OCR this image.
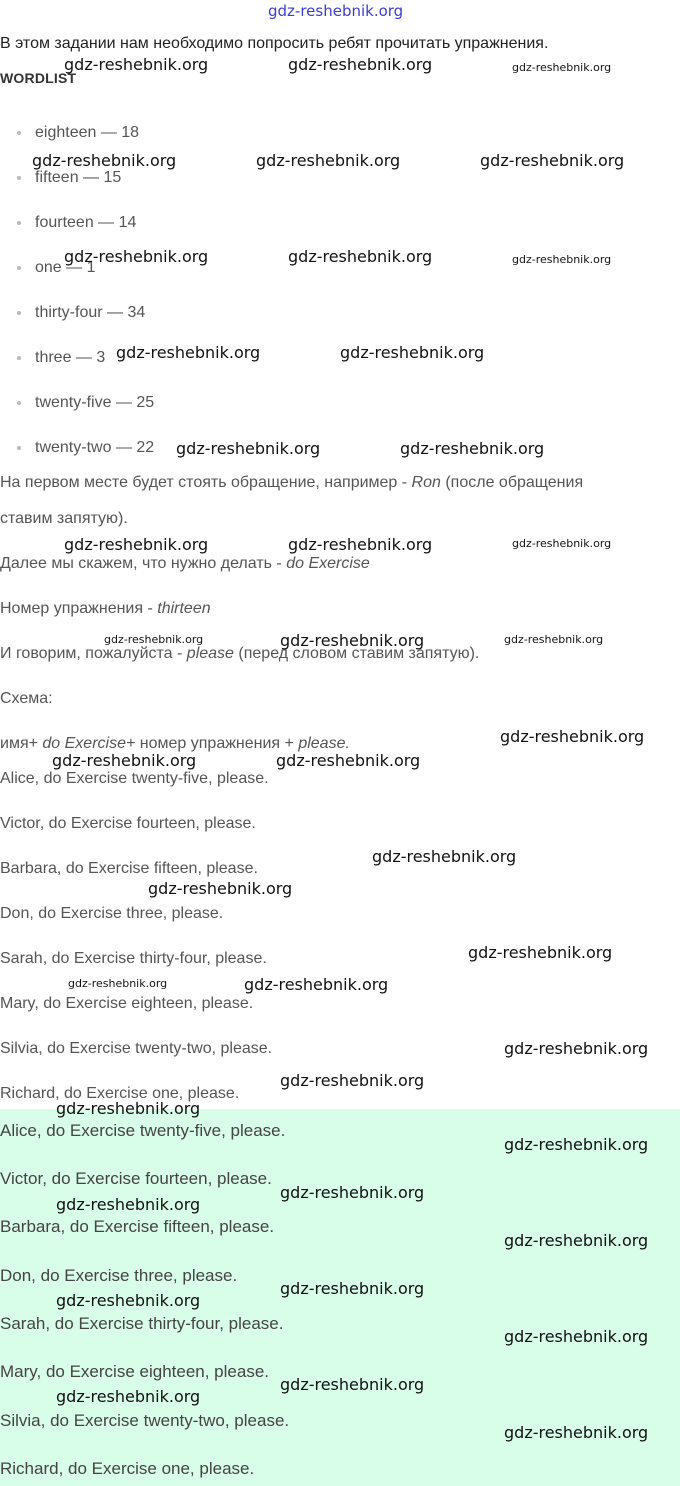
gdz-reshebnik.org
В этом задании нам необходимо попросить ребят прочитать упражнения.
WORDLIST
eighteen — 18
fifteen — 15
fourteen — 14
one — 1
thirty-four — 34
three — 3
twenty-five — 25
twenty-two — 22
На первом месте будет стоять обращение, например - Ron (после обращения
ставим запятую).
Далее мы скажем, что нужно делать - do Exercise
Номер упражнения - thirteen
И говорим, пожалуйста - please (перед словом ставим запятую).
Схема:
имя+ do Exercise+ номер упражнения + please.
Alice, do Exercise twenty-five, please.
Victor, do Exercise fourteen, please.
Barbara, do Exercise fifteen, please.
Don, do Exercise three, please.
Sarah, do Exercise thirty-four, please.
Mary, do Exercise eighteen, please.
Silvia, do Exercise twenty-two, please.
Richard, do Exercise one, please.
Alice, do Exercise twenty-five, please.
Victor, do Exercise fourteen, please.
Barbara, do Exercise fifteen, please.
Don, do Exercise three, please.
Sarah, do Exercise thirty-four, please.
Mary, do Exercise eighteen, please.
Silvia, do Exercise twenty-two, please.
Richard, do Exercise one, please.
gdz-reshebnik.org	gdz-reshebnik.org	gdz-reshebnik.org
gdz-reshebnik.org	gdz-reshebnik.org	gdz-reshebnik.org
gdz-reshebnik.org	gdz-reshebnik.org	gdz-reshebnik.org
gdz-reshebnik.org	gdz-reshebnik.org
gdz-reshebnik.org	gdz-reshebnik.org
gdz-reshebnik.org	gdz-reshebnik.org	gdz-reshebnik.org
gdz-reshebnik.org	gdz-reshebnik.org	gdz-reshebnik.org
gdz-reshebnik.org
gdz-reshebnik.org	gdz-reshebnik.org
gdz-reshebnik.org
gdz-reshebnik.org
gdz-reshebnik.org
gdz-reshebnik.org	gdz-reshebnik.org
gdz-reshebnik.org
gdz-reshebnik.org
gdz-reshebnik.org
gdz-reshebnik.org
gdz-reshebnik.org
gdz-reshebnik.org
gdz-reshebnik.org
gdz-reshebnik.org
gdz-reshebnik.org
gdz-reshebnik.org
gdz-reshebnik.org
gdz-reshebnik.org
gdz-reshebnik.org
